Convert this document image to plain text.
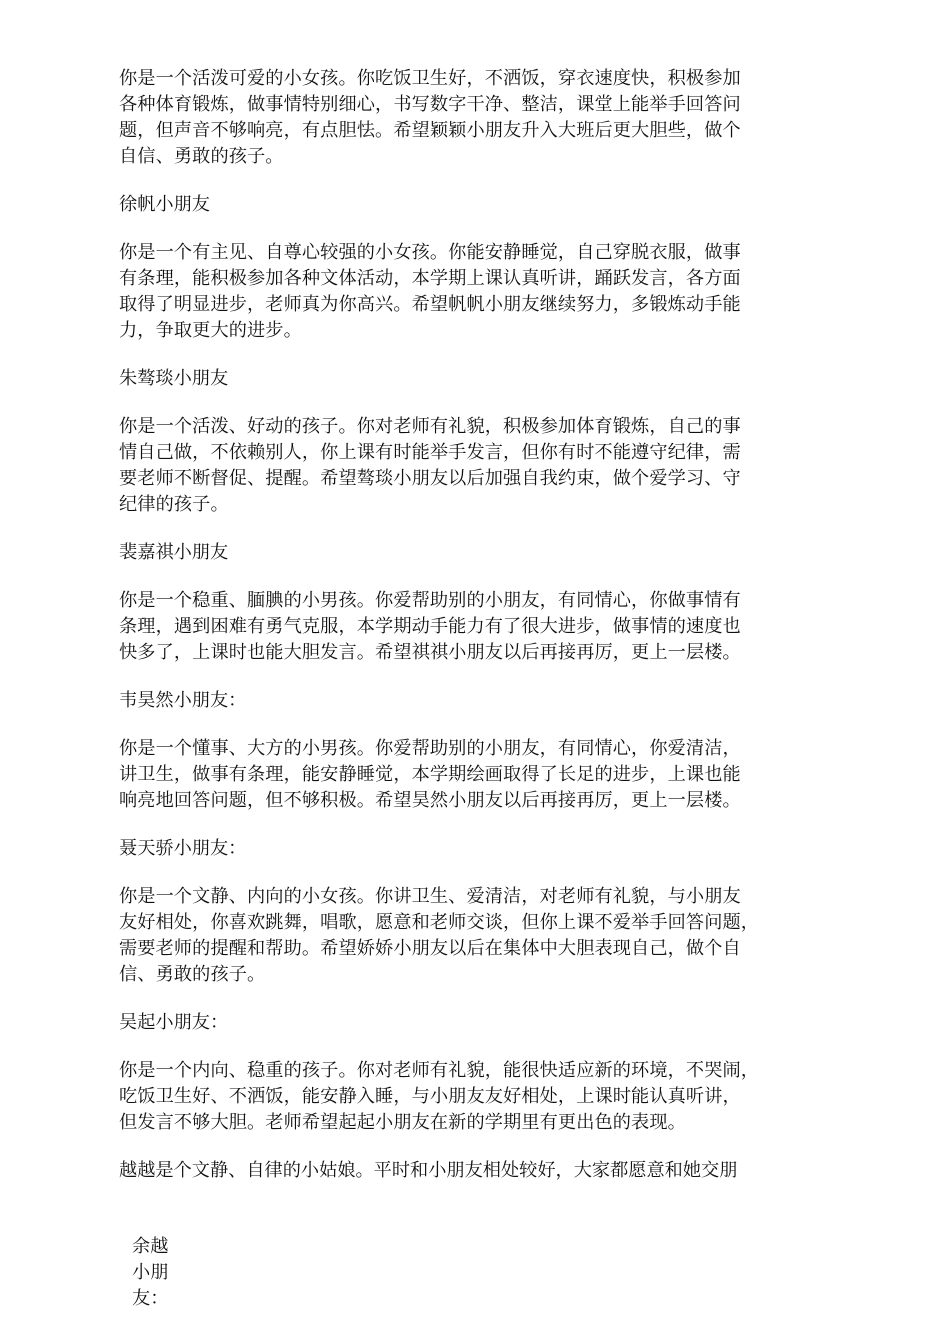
你是一个活泼可爱的小女孩。你吃饭卫生好，不洒饭，穿衣速度快，积极参加
各种体育锻炼，做事情特别细心，书写数字干净、整洁，课堂上能举手回答问
题，但声音不够响亮，有点胆怯。希望颖颖小朋友升入大班后更大胆些，做个
自信、勇敢的孩子。

徐帆小朋友

你是一个有主见、自尊心较强的小女孩。你能安静睡觉，自己穿脱衣服，做事
有条理，能积极参加各种文体活动，本学期上课认真听讲，踊跃发言，各方面
取得了明显进步，老师真为你高兴。希望帆帆小朋友继续努力，多锻炼动手能
力，争取更大的进步。

朱骜琰小朋友

你是一个活泼、好动的孩子。你对老师有礼貌，积极参加体育锻炼，自己的事
情自己做，不依赖别人，你上课有时能举手发言，但你有时不能遵守纪律，需
要老师不断督促、提醒。希望骜琰小朋友以后加强自我约束，做个爱学习、守
纪律的孩子。

裴嘉祺小朋友

你是一个稳重、腼腆的小男孩。你爱帮助别的小朋友，有同情心，你做事情有
条理，遇到困难有勇气克服，本学期动手能力有了很大进步，做事情的速度也
快多了，上课时也能大胆发言。希望祺祺小朋友以后再接再厉，更上一层楼。

韦昊然小朋友：

你是一个懂事、大方的小男孩。你爱帮助别的小朋友，有同情心，你爱清洁，
讲卫生，做事有条理，能安静睡觉，本学期绘画取得了长足的进步，上课也能
响亮地回答问题，但不够积极。希望昊然小朋友以后再接再厉，更上一层楼。

聂天骄小朋友：

你是一个文静、内向的小女孩。你讲卫生、爱清洁，对老师有礼貌，与小朋友
友好相处，你喜欢跳舞，唱歌，愿意和老师交谈，但你上课不爱举手回答问题，
需要老师的提醒和帮助。希望娇娇小朋友以后在集体中大胆表现自己，做个自
信、勇敢的孩子。

吴起小朋友：

你是一个内向、稳重的孩子。你对老师有礼貌，能很快适应新的环境，不哭闹，
吃饭卫生好、不洒饭，能安静入睡，与小朋友友好相处，上课时能认真听讲，
但发言不够大胆。老师希望起起小朋友在新的学期里有更出色的表现。

越越是个文静、自律的小姑娘。平时和小朋友相处较好，大家都愿意和她交朋

余越小朋友：
